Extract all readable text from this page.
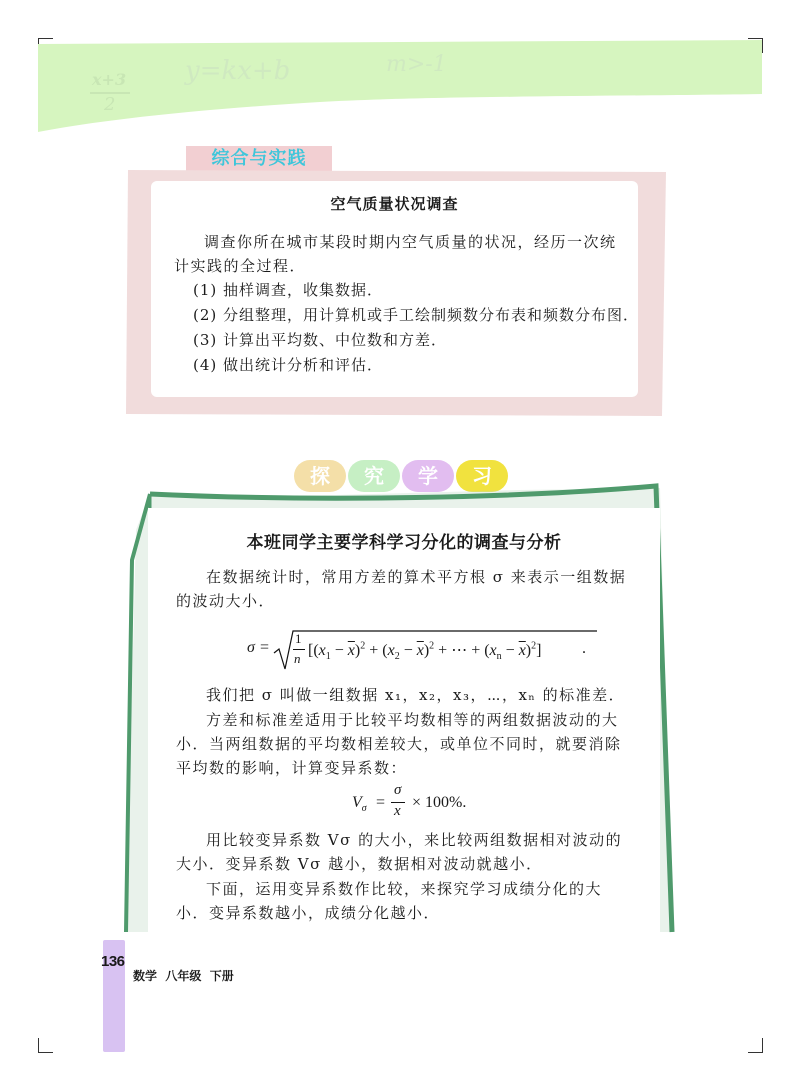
x+3
2
y=kx+b	m>-1
综合与实践
空气质量状况调查
调查你所在城市某段时期内空气质量的状况，经历一次统计实践的全过程．
(1) 抽样调查，收集数据．
(2) 分组整理，用计算机或手工绘制频数分布表和频数分布图．
(3) 计算出平均数、中位数和方差．
(4) 做出统计分析和评估．
探	究	学	习
本班同学主要学科学习分化的调查与分析
在数据统计时，常用方差的算术平方根 σ 来表示一组数据的波动大小．
σ =
1
n [$(x_1 - \overline{x})^2 + (x_2 - \overline{x})^2$ + ⋯ + $(x_n - \overline{x})^2$]	.
我们把 σ 叫做一组数据 x₁，x₂，x₃，⋯，xₙ 的标准差．
方差和标准差适用于比较平均数相等的两组数据波动的大小．当两组数据的平均数相差较大，或单位不同时，就要消除平均数的影响，计算变异系数：
$V_\sigma$ =
σ
$\overline{x} \times 100\%$.
用比较变异系数 Vσ 的大小，来比较两组数据相对波动的大小．变异系数 Vσ 越小，数据相对波动就越小．
下面，运用变异系数作比较，来探究学习成绩分化的大小．变异系数越小，成绩分化越小．
136
数学  八年级  下册
